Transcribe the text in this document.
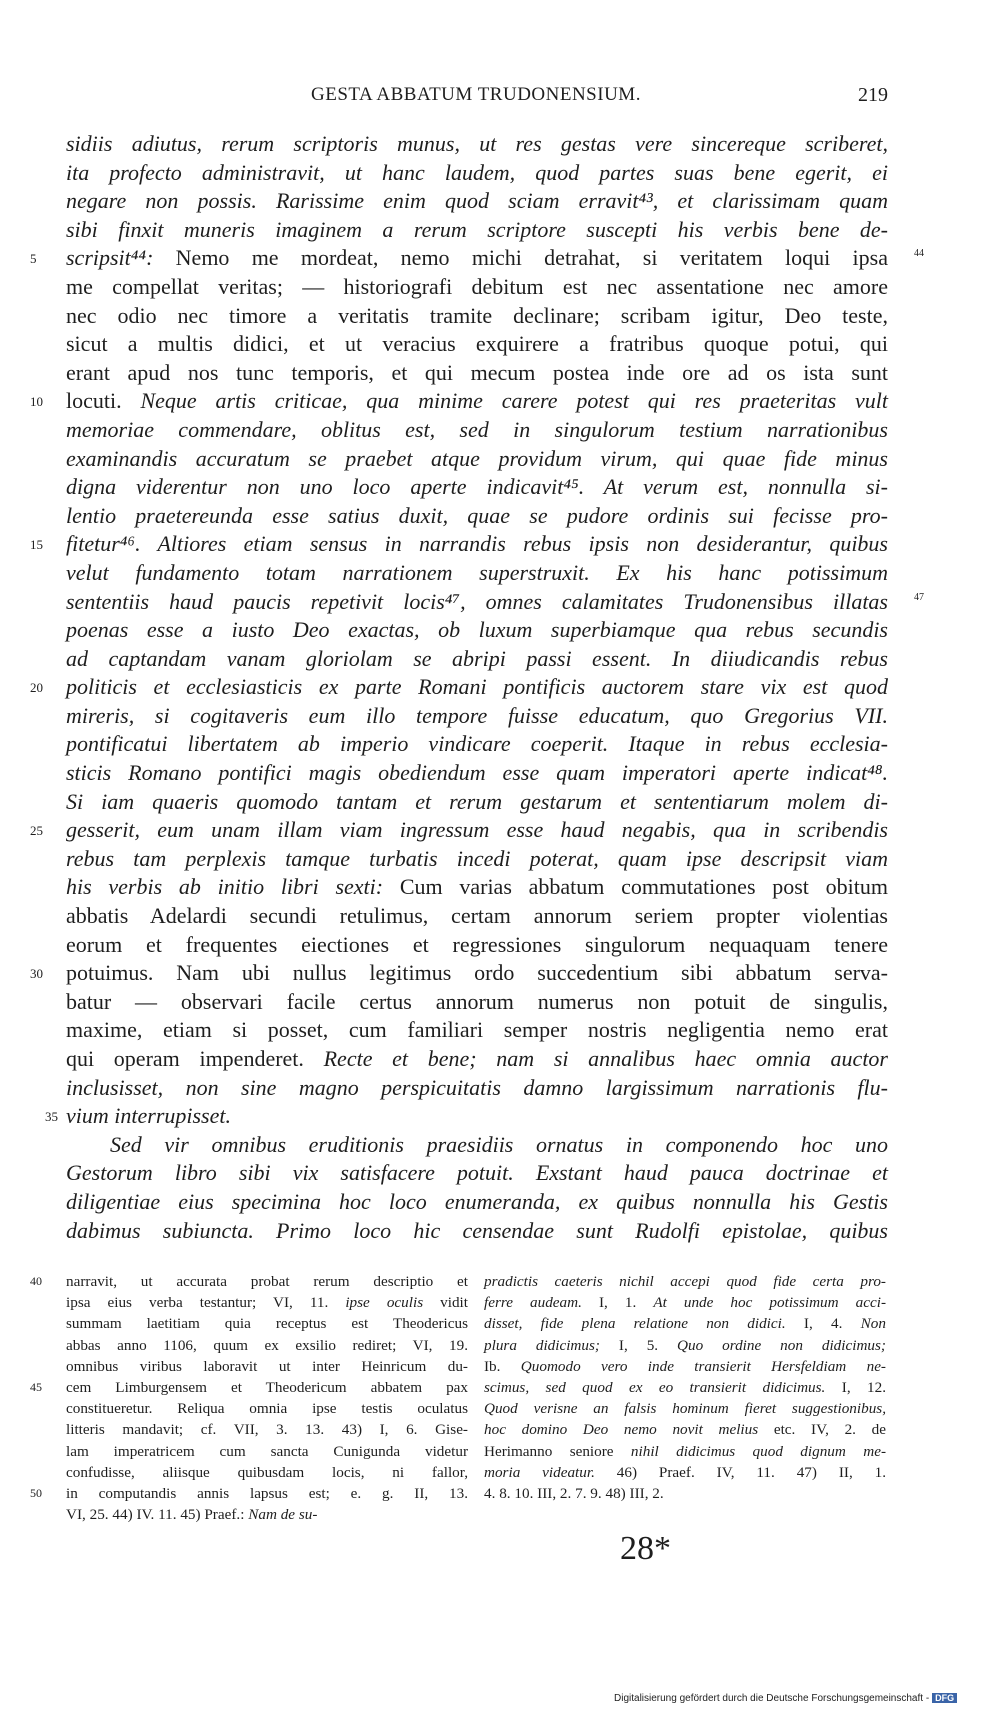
GESTA ABBATUM TRUDONENSIUM.	219
sidiis adiutus, rerum scriptoris munus, ut res gestas vere sincereque scriberet,
ita profecto administravit, ut hanc laudem, quod partes suas bene egerit, ei
negare non possis. Rarissime enim quod sciam erravit⁴³, et clarissimam quam
sibi finxit muneris imaginem a rerum scriptore suscepti his verbis bene de-
5	44
scripsit⁴⁴: Nemo me mordeat, nemo michi detrahat, si veritatem loqui ipsa
me compellat veritas; — historiografi debitum est nec assentatione nec amore
nec odio nec timore a veritatis tramite declinare; scribam igitur, Deo teste,
sicut a multis didici, et ut veracius exquirere a fratribus quoque potui, qui
erant apud nos tunc temporis, et qui mecum postea inde ore ad os ista sunt
10	locuti. Neque artis criticae, qua minime carere potest qui res praeteritas vult
memoriae commendare, oblitus est, sed in singulorum testium narrationibus
examinandis accuratum se praebet atque providum virum, qui quae fide minus
digna viderentur non uno loco aperte indicavit⁴⁵. At verum est, nonnulla si-
lentio praetereunda esse satius duxit, quae se pudore ordinis sui fecisse pro-
15	fitetur⁴⁶. Altiores etiam sensus in narrandis rebus ipsis non desiderantur, quibus
velut fundamento totam narrationem superstruxit. Ex his hanc potissimum
47
sententiis haud paucis repetivit locis⁴⁷, omnes calamitates Trudonensibus illatas
poenas esse a iusto Deo exactas, ob luxum superbiamque qua rebus secundis
ad captandam vanam gloriolam se abripi passi essent. In diiudicandis rebus
20	politicis et ecclesiasticis ex parte Romani pontificis auctorem stare vix est quod
mireris, si cogitaveris eum illo tempore fuisse educatum, quo Gregorius VII.
pontificatui libertatem ab imperio vindicare coeperit. Itaque in rebus ecclesia-
sticis Romano pontifici magis obediendum esse quam imperatori aperte indicat⁴⁸.
Si iam quaeris quomodo tantam et rerum gestarum et sententiarum molem di-
25	gesserit, eum unam illam viam ingressum esse haud negabis, qua in scribendis
rebus tam perplexis tamque turbatis incedi poterat, quam ipse descripsit viam
his verbis ab initio libri sexti: Cum varias abbatum commutationes post obitum
abbatis Adelardi secundi retulimus, certam annorum seriem propter violentias
eorum et frequentes eiectiones et regressiones singulorum nequaquam tenere
30	potuimus. Nam ubi nullus legitimus ordo succedentium sibi abbatum serva-
batur — observari facile certus annorum numerus non potuit de singulis,
maxime, etiam si posset, cum familiari semper nostris negligentia nemo erat
qui operam impenderet. Recte et bene; nam si annalibus haec omnia auctor
inclusisset, non sine magno perspicuitatis damno largissimum narrationis flu-
35 vium interrupisset.
Sed vir omnibus eruditionis praesidiis ornatus in componendo hoc uno
Gestorum libro sibi vix satisfacere potuit. Exstant haud pauca doctrinae et
diligentiae eius specimina hoc loco enumeranda, ex quibus nonnulla his Gestis
dabimus subiuncta. Primo loco hic censendae sunt Rudolfi epistolae, quibus
40	narravit, ut accurata probat rerum descriptio et
ipsa eius verba testantur; VI, 11. ipse oculis vidit
summam laetitiam quia receptus est Theodericus
abbas anno 1106, quum ex exsilio rediret; VI, 19.
omnibus viribus laboravit ut inter Heinricum du-
45	cem Limburgensem et Theodericum abbatem pax
constitueretur. Reliqua omnia ipse testis oculatus
litteris mandavit; cf. VII, 3. 13. 43) I, 6. Gise-
lam imperatricem cum sancta Cunigunda videtur
confudisse, aliisque quibusdam locis, ni fallor,
50	in computandis annis lapsus est; e. g. II, 13.
VI, 25. 44) IV. 11. 45) Praef.: Nam de su-
pradictis caeteris nichil accepi quod fide certa pro-
ferre audeam. I, 1. At unde hoc potissimum acci-
disset, fide plena relatione non didici. I, 4. Non
plura didicimus; I, 5. Quo ordine non didicimus;
Ib. Quomodo vero inde transierit Hersfeldiam ne-
scimus, sed quod ex eo transierit didicimus. I, 12.
Quod verisne an falsis hominum fieret suggestionibus,
hoc domino Deo nemo novit melius etc. IV, 2. de
Herimanno seniore nihil didicimus quod dignum me-
moria videatur. 46) Praef. IV, 11. 47) II, 1.
4. 8. 10. III, 2. 7. 9. 48) III, 2.
28*
Digitalisierung gefördert durch die Deutsche Forschungsgemeinschaft - DFG
